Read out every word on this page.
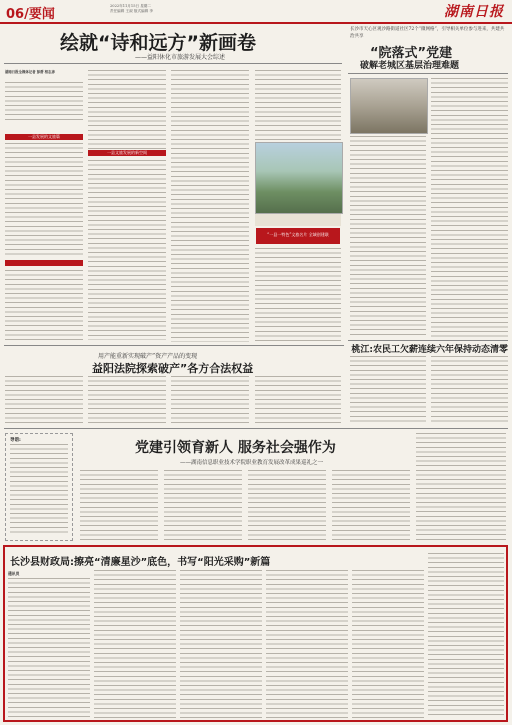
06/要闻
2022年11月15日 星期二
责任编辑 王淑 版式编辑 李	湖南日报
绘就“诗和远方”新画卷
——益阳休化市旅游发展大会综述
湖南日报全媒体记者 彭帮 相志彦
一县发展的文旅篇
一县文旅发展的新空间
“一县一特色”文旅名片 全域创建联
长沙市天心区观沙路街道社区72个“微网格”，引导相关单位参与进来，共建共治共享
“院落式”党建
破解老城区基层治理难题
用产能重新实现破产”资产产品的变现
益阳法院探索破产”各方合法权益
桃江:农民工欠薪连续六年保持动态清零
导语:	党建引领育新人 服务社会强作为
——湖南信息职业技术学院职业教育发展改革成果巡礼之一
长沙县财政局:擦亮“清廉星沙”底色，书写“阳光采购”新篇
通讯员
